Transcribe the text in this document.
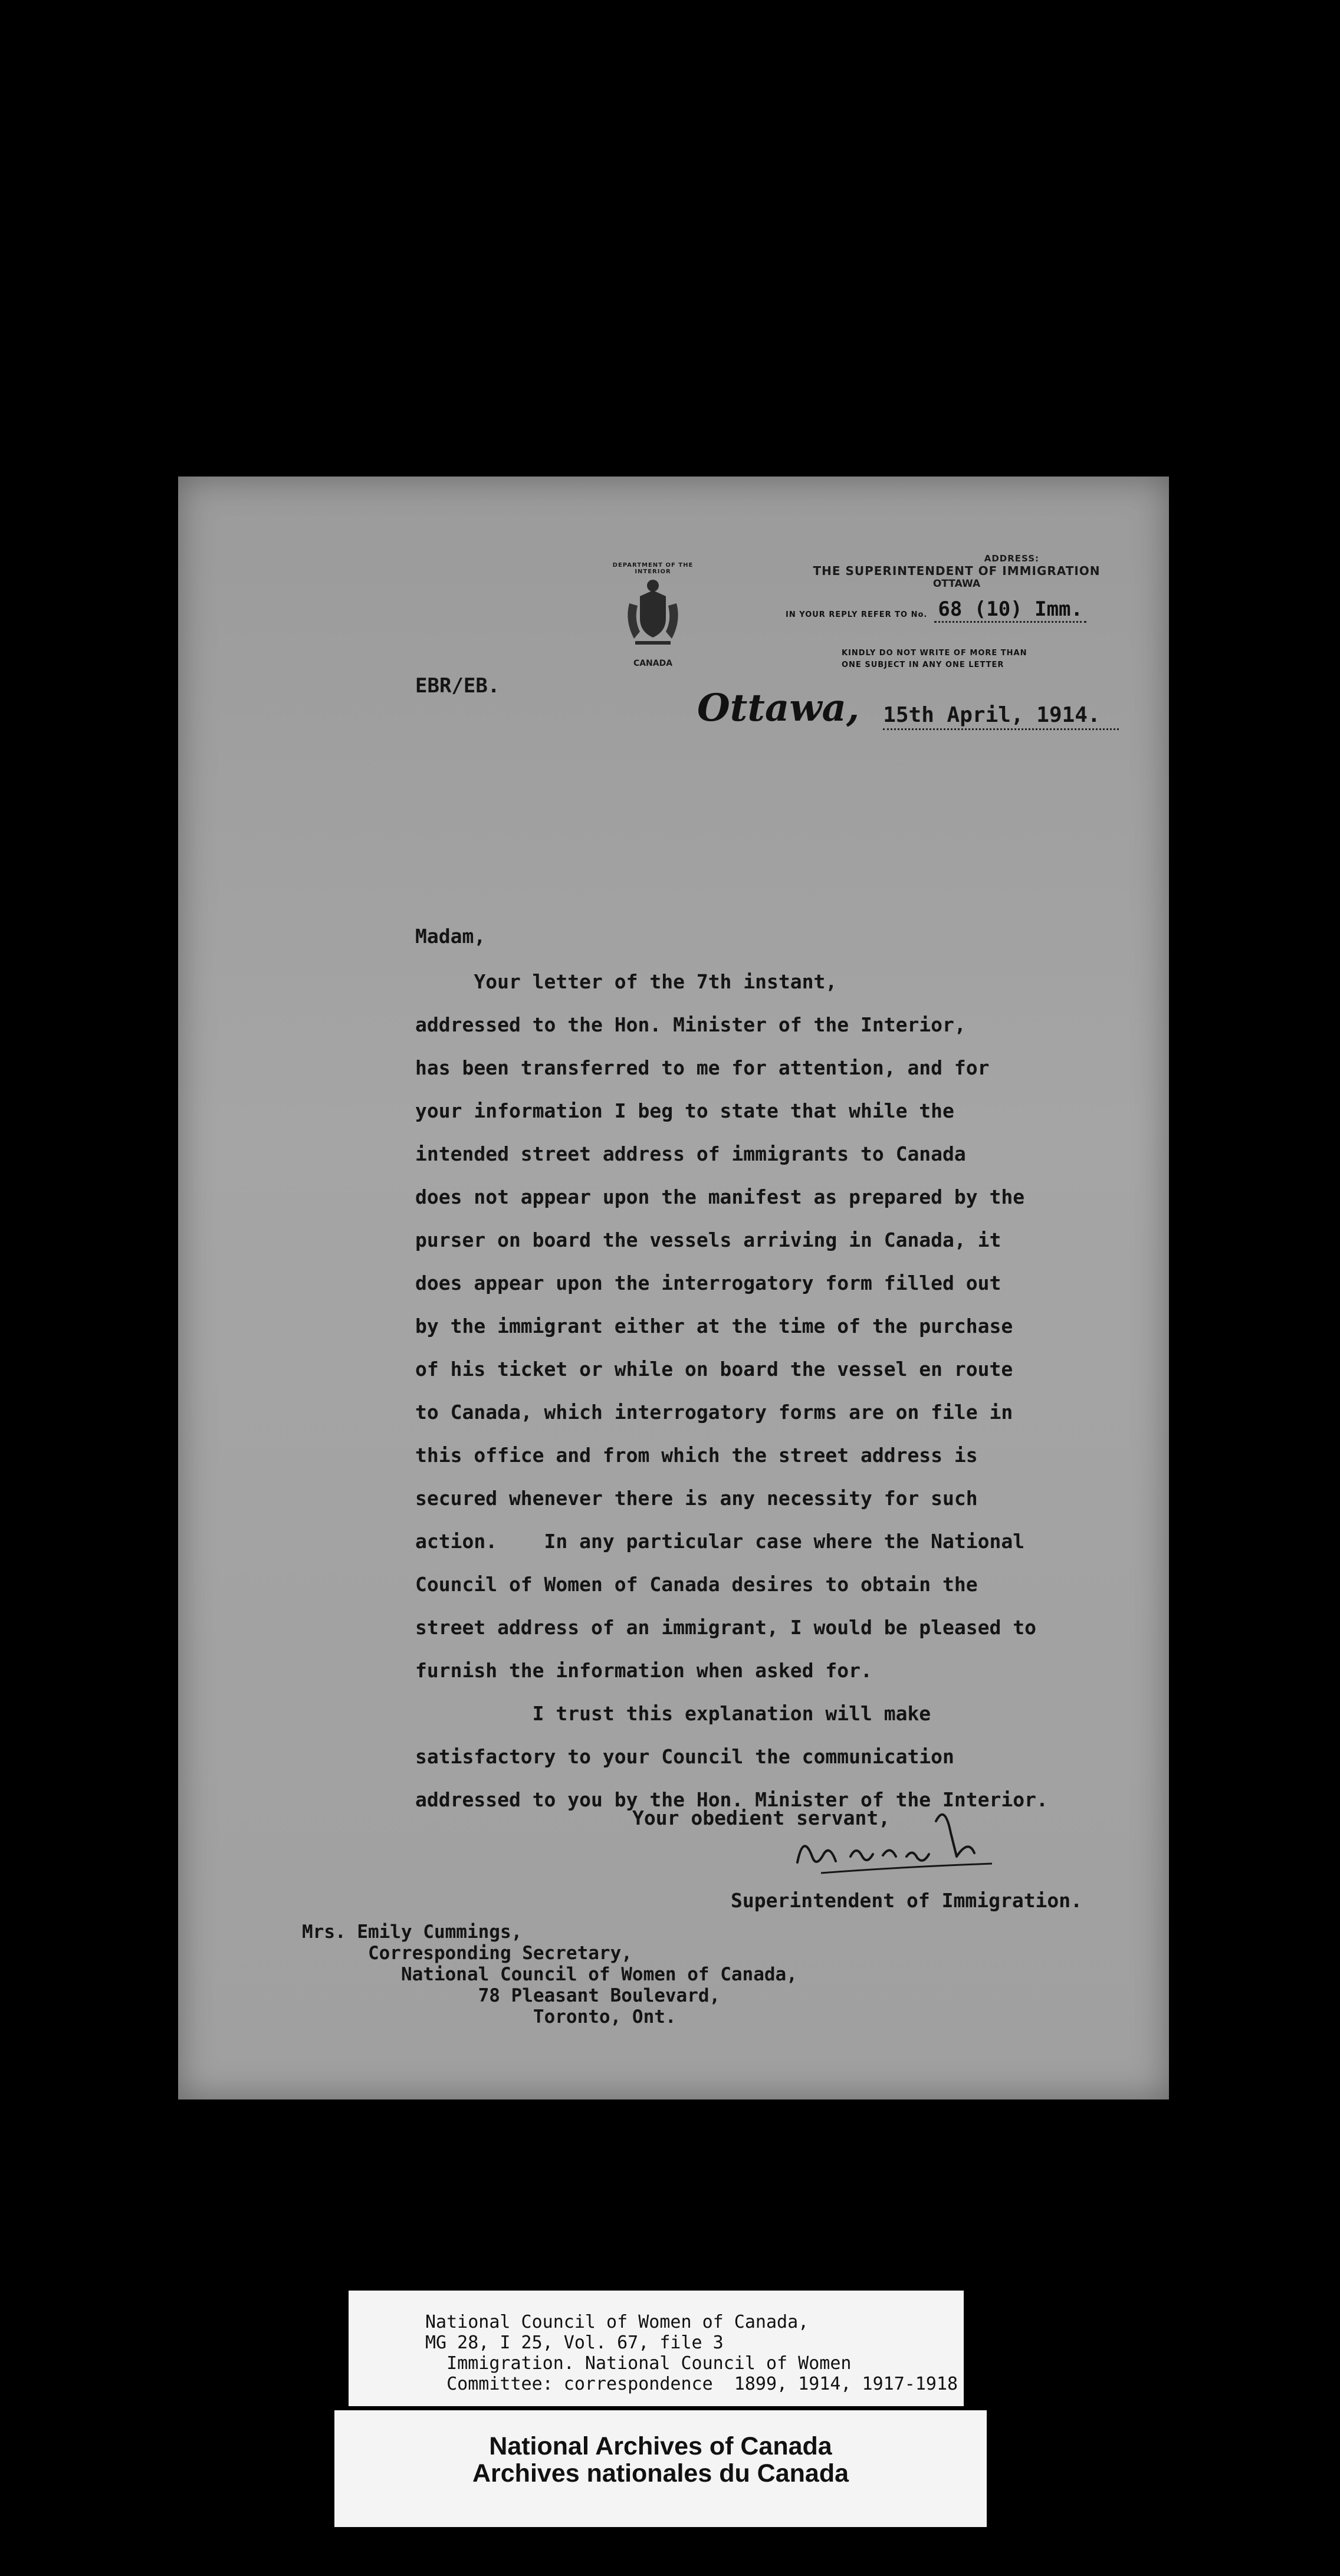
DEPARTMENT OF THE INTERIOR
CANADA
ADDRESS:
THE SUPERINTENDENT OF IMMIGRATION
OTTAWA
IN YOUR REPLY REFER TO No. 68 (10) Imm.
KINDLY DO NOT WRITE OF MORE THAN
ONE SUBJECT IN ANY ONE LETTER
EBR/EB.	Ottawa, 15th April, 1914.
Madam,
Your letter of the 7th instant,
addressed to the Hon. Minister of the Interior,
has been transferred to me for attention, and for
your information I beg to state that while the
intended street address of immigrants to Canada
does not appear upon the manifest as prepared by the
purser on board the vessels arriving in Canada, it
does appear upon the interrogatory form filled out
by the immigrant either at the time of the purchase
of his ticket or while on board the vessel en route
to Canada, which interrogatory forms are on file in
this office and from which the street address is
secured whenever there is any necessity for such
action.    In any particular case where the National
Council of Women of Canada desires to obtain the
street address of an immigrant, I would be pleased to
furnish the information when asked for.
I trust this explanation will make
satisfactory to your Council the communication
addressed to you by the Hon. Minister of the Interior.
Your obedient servant,
Superintendent of Immigration.
Mrs. Emily Cummings,
Corresponding Secretary,
National Council of Women of Canada,
78 Pleasant Boulevard,
Toronto, Ont.
National Council of Women of Canada,
MG 28, I 25, Vol. 67, file 3
Immigration. National Council of Women
Committee: correspondence  1899, 1914, 1917-1918
National Archives of Canada
Archives nationales du Canada
